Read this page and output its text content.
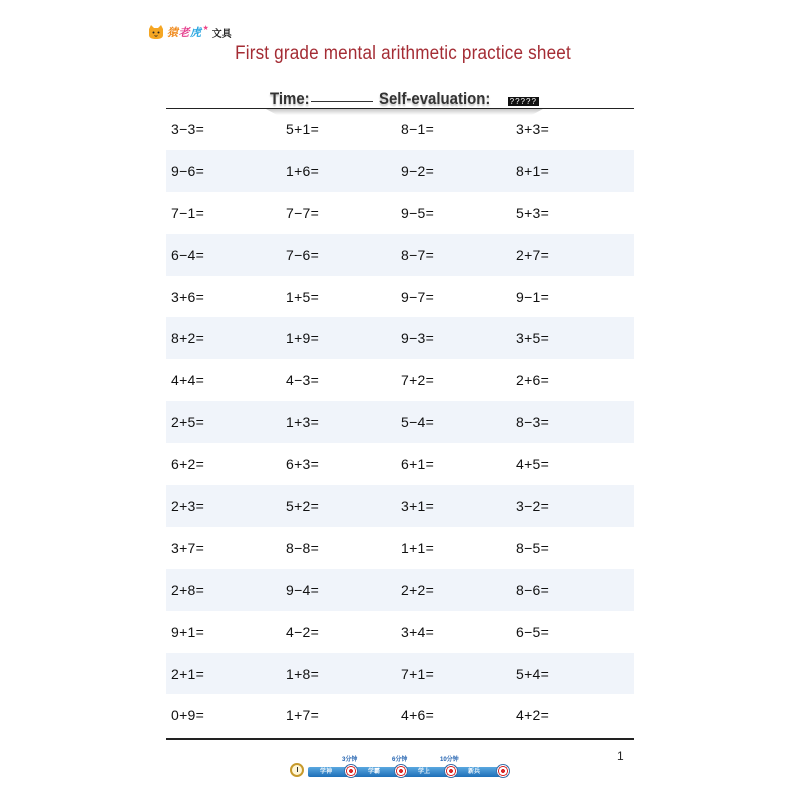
猿老虎 ★ 文具
First grade mental arithmetic practice sheet
Time:	Self-evaluation: ?????
3−3=	5+1=	8−1=	3+3=
9−6=	1+6=	9−2=	8+1=
7−1=	7−7=	9−5=	5+3=
6−4=	7−6=	8−7=	2+7=
3+6=	1+5=	9−7=	9−1=
8+2=	1+9=	9−3=	3+5=
4+4=	4−3=	7+2=	2+6=
2+5=	1+3=	5−4=	8−3=
6+2=	6+3=	6+1=	4+5=
2+3=	5+2=	3+1=	3−2=
3+7=	8−8=	1+1=	8−5=
2+8=	9−4=	2+2=	8−6=
9+1=	4−2=	3+4=	6−5=
2+1=	1+8=	7+1=	5+4=
0+9=	1+7=	4+6=	4+2=
1
3分钟	6分钟	10分钟
学神	学霸	学上	新兵
